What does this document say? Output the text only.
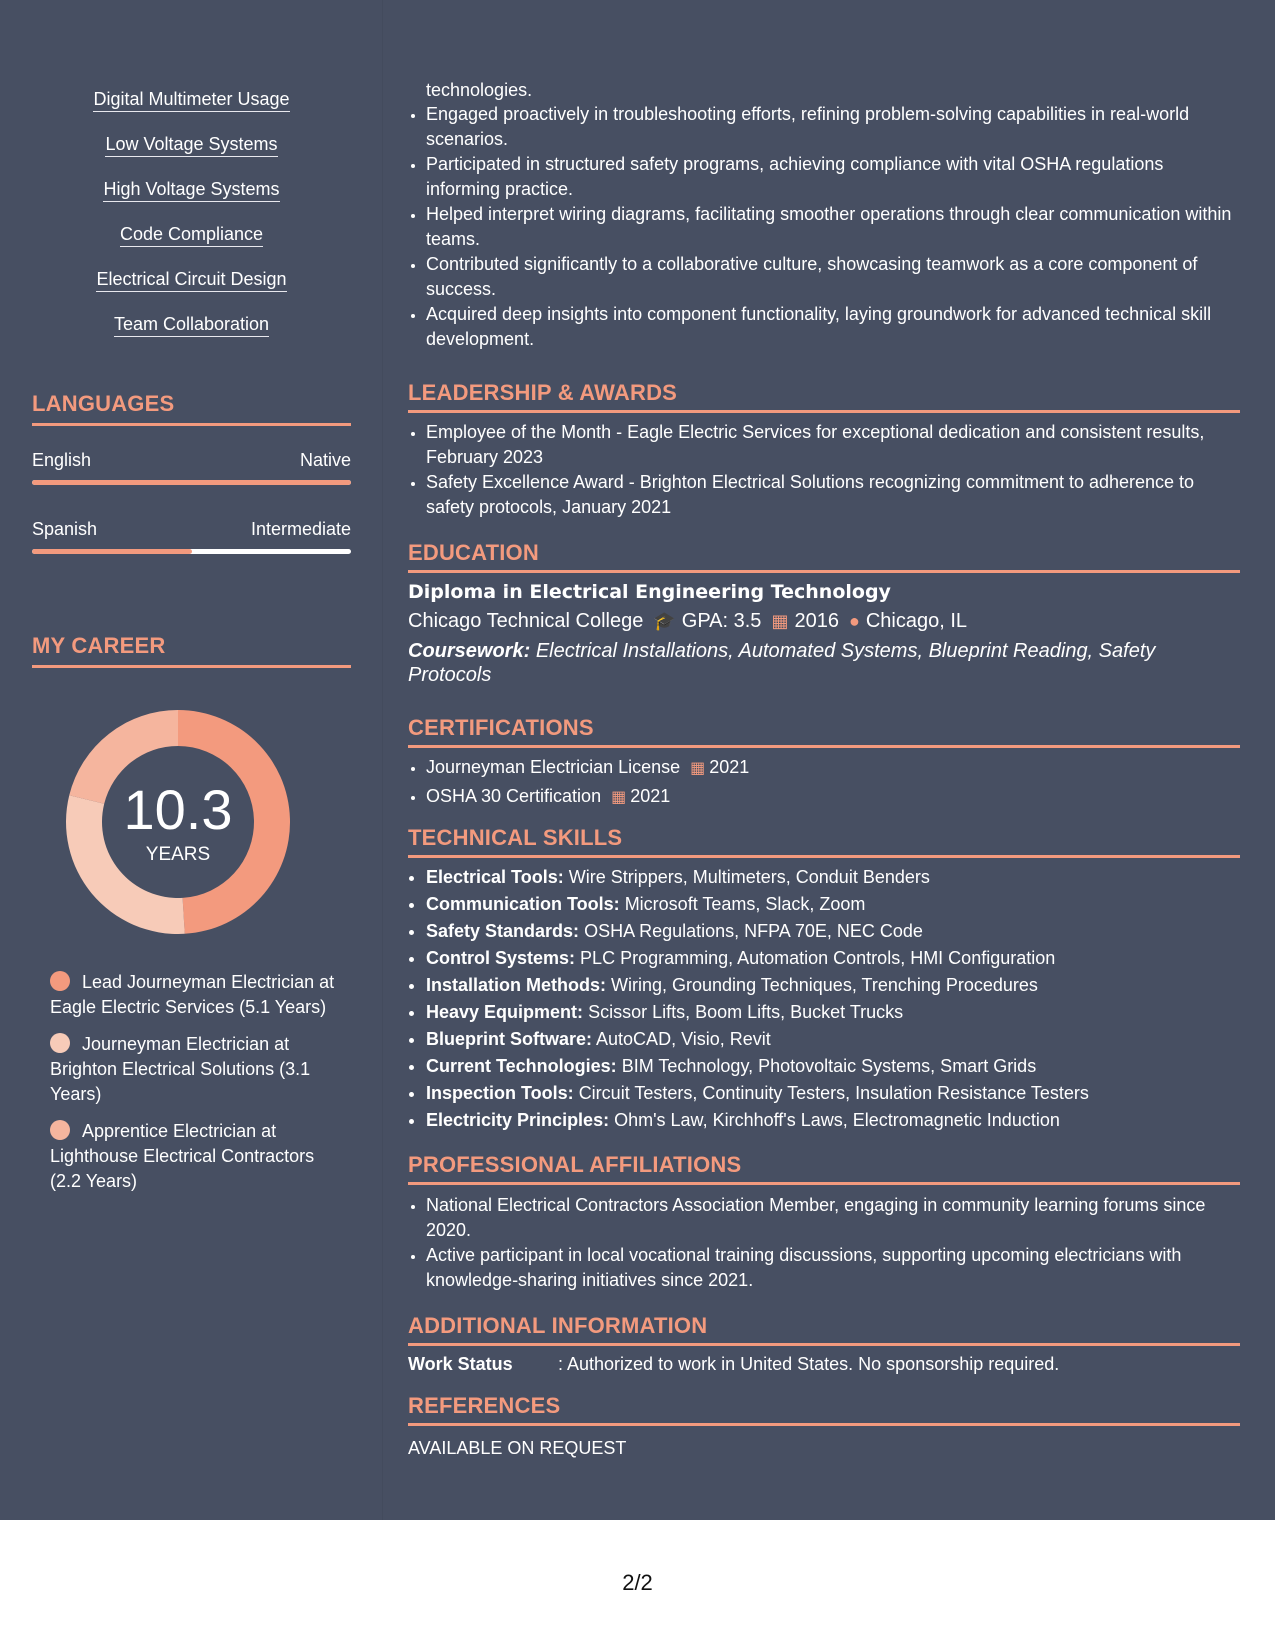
Digital Multimeter Usage
Low Voltage Systems
High Voltage Systems
Code Compliance
Electrical Circuit Design
Team Collaboration
LANGUAGES
English	Native
Spanish	Intermediate
MY CAREER
10.3
YEARS
Lead Journeyman Electrician at Eagle Electric Services (5.1 Years)
Journeyman Electrician at Brighton Electrical Solutions (3.1 Years)
Apprentice Electrician at Lighthouse Electrical Contractors (2.2 Years)
technologies.
• Engaged proactively in troubleshooting efforts, refining problem-solving capabilities in real-world scenarios.
• Participated in structured safety programs, achieving compliance with vital OSHA regulations informing practice.
• Helped interpret wiring diagrams, facilitating smoother operations through clear communication within teams.
• Contributed significantly to a collaborative culture, showcasing teamwork as a core component of success.
• Acquired deep insights into component functionality, laying groundwork for advanced technical skill development.
LEADERSHIP & AWARDS
• Employee of the Month - Eagle Electric Services for exceptional dedication and consistent results, February 2023
• Safety Excellence Award - Brighton Electrical Solutions recognizing commitment to adherence to safety protocols, January 2021
EDUCATION
Diploma in Electrical Engineering Technology
Chicago Technical College 🎓 GPA: 3.5 ▦ 2016 ● Chicago, IL
Coursework: Electrical Installations, Automated Systems, Blueprint Reading, Safety Protocols
CERTIFICATIONS
• Journeyman Electrician License ▦ 2021
• OSHA 30 Certification ▦ 2021
TECHNICAL SKILLS
• Electrical Tools: Wire Strippers, Multimeters, Conduit Benders
• Communication Tools: Microsoft Teams, Slack, Zoom
• Safety Standards: OSHA Regulations, NFPA 70E, NEC Code
• Control Systems: PLC Programming, Automation Controls, HMI Configuration
• Installation Methods: Wiring, Grounding Techniques, Trenching Procedures
• Heavy Equipment: Scissor Lifts, Boom Lifts, Bucket Trucks
• Blueprint Software: AutoCAD, Visio, Revit
• Current Technologies: BIM Technology, Photovoltaic Systems, Smart Grids
• Inspection Tools: Circuit Testers, Continuity Testers, Insulation Resistance Testers
• Electricity Principles: Ohm's Law, Kirchhoff's Laws, Electromagnetic Induction
PROFESSIONAL AFFILIATIONS
• National Electrical Contractors Association Member, engaging in community learning forums since 2020.
• Active participant in local vocational training discussions, supporting upcoming electricians with knowledge-sharing initiatives since 2021.
ADDITIONAL INFORMATION
Work Status	: Authorized to work in United States. No sponsorship required.
REFERENCES
AVAILABLE ON REQUEST
2/2
